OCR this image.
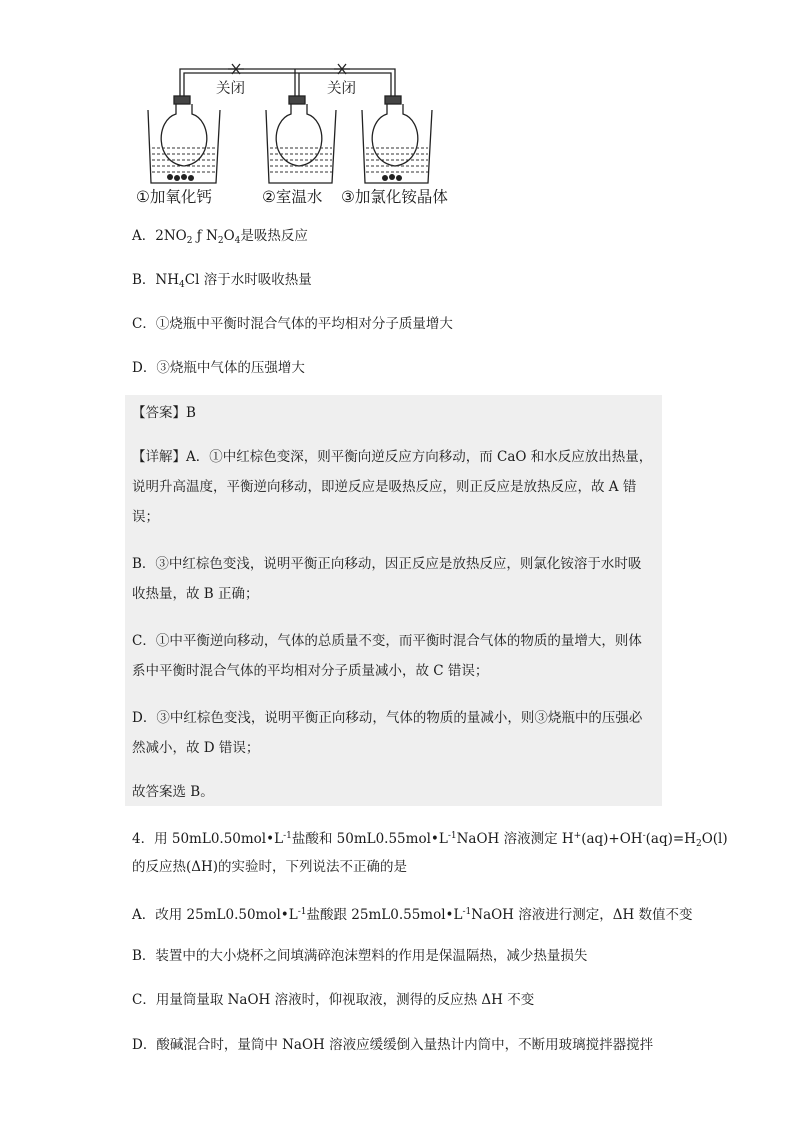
关闭	关闭
①加氧化钙	②室温水 ③加氯化铵晶体
A．$2NO_2$ ƒ $N_2O_4$是吸热反应
B．$NH_4Cl$ 溶于水时吸收热量
C．①烧瓶中平衡时混合气体的平均相对分子质量增大
D．③烧瓶中气体的压强增大
【答案】B
【详解】A．①中红棕色变深，则平衡向逆反应方向移动，而 CaO 和水反应放出热量，
说明升高温度，平衡逆向移动，即逆反应是吸热反应，则正反应是放热反应，故 A 错
误；
B．③中红棕色变浅，说明平衡正向移动，因正反应是放热反应，则氯化铵溶于水时吸
收热量，故 B 正确；
C．①中平衡逆向移动，气体的总质量不变，而平衡时混合气体的物质的量增大，则体
系中平衡时混合气体的平均相对分子质量减小，故 C 错误；
D．③中红棕色变浅，说明平衡正向移动，气体的物质的量减小，则③烧瓶中的压强必
然减小，故 D 错误；
故答案选 B。
4．用 $50mL0.50mol•L^{-1}$盐酸和 $50mL0.55mol•L^{-1}NaOH$ 溶液测定 $H^+(aq)+OH^-(aq)=H_2O(l)$
的反应热(ΔH)的实验时，下列说法不正确的是
A．改用 $25mL0.50mol•L^{-1}$盐酸跟 $25mL0.55mol•L^{-1}NaOH$ 溶液进行测定，ΔH 数值不变
B．装置中的大小烧杯之间填满碎泡沫塑料的作用是保温隔热，减少热量损失
C．用量筒量取 NaOH 溶液时，仰视取液，测得的反应热 ΔH 不变
D．酸碱混合时，量筒中 NaOH 溶液应缓缓倒入量热计内筒中，不断用玻璃搅拌器搅拌
